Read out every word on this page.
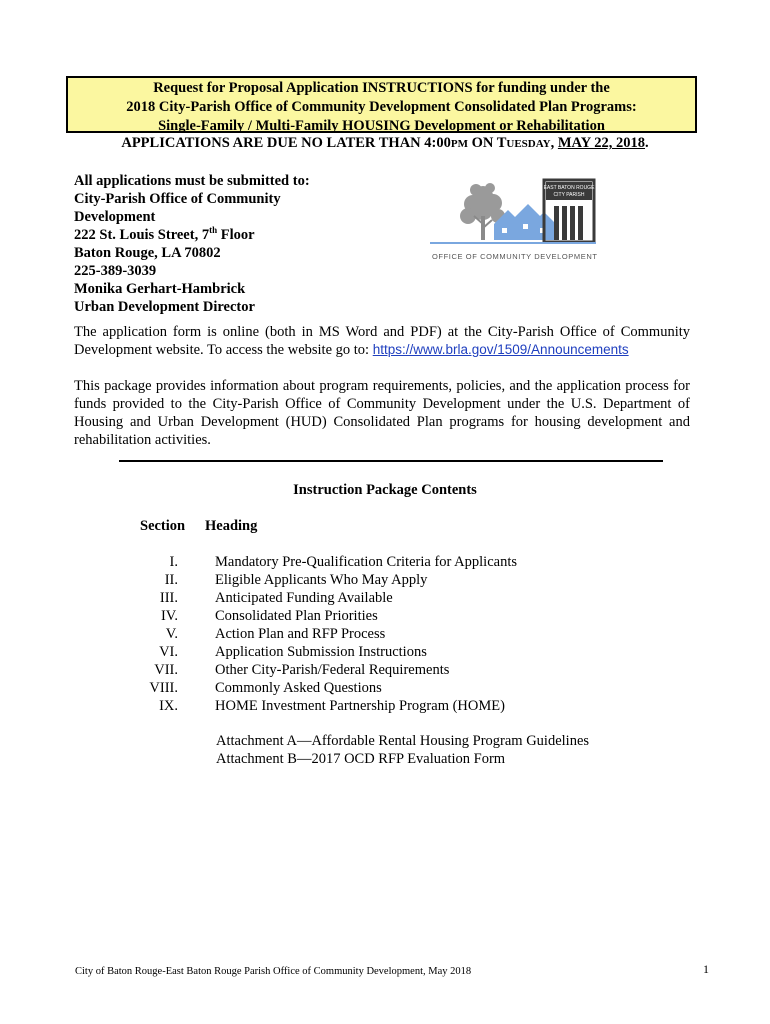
Request for Proposal Application INSTRUCTIONS for funding under the
2018 City-Parish Office of Community Development Consolidated Plan Programs:
Single-Family / Multi-Family HOUSING Development or Rehabilitation
APPLICATIONS ARE DUE NO LATER THAN 4:00PM ON TUESDAY, MAY 22, 2018.
All applications must be submitted to:
City-Parish Office of Community
Development
222 St. Louis Street, 7th Floor
Baton Rouge, LA 70802
225-389-3039
Monika Gerhart-Hambrick
Urban Development Director
EAST BATON ROUGE
CITY PARISH
OFFICE OF COMMUNITY DEVELOPMENT
The application form is online (both in MS Word and PDF) at the City-Parish Office of Community Development website. To access the website go to: https://www.brla.gov/1509/Announcements
This package provides information about program requirements, policies, and the application process for funds provided to the City-Parish Office of Community Development under the U.S. Department of Housing and Urban Development (HUD) Consolidated Plan programs for housing development and rehabilitation activities.
Instruction Package Contents
Section Heading
I.	Mandatory Pre-Qualification Criteria for Applicants
II.	Eligible Applicants Who May Apply
III.	Anticipated Funding Available
IV.	Consolidated Plan Priorities
V.	Action Plan and RFP Process
VI.	Application Submission Instructions
VII.	Other City-Parish/Federal Requirements
VIII.	Commonly Asked Questions
IX.	HOME Investment Partnership Program (HOME)
Attachment A—Affordable Rental Housing Program Guidelines
Attachment B—2017 OCD RFP Evaluation Form
City of Baton Rouge-East Baton Rouge Parish Office of Community Development, May 2018	1
